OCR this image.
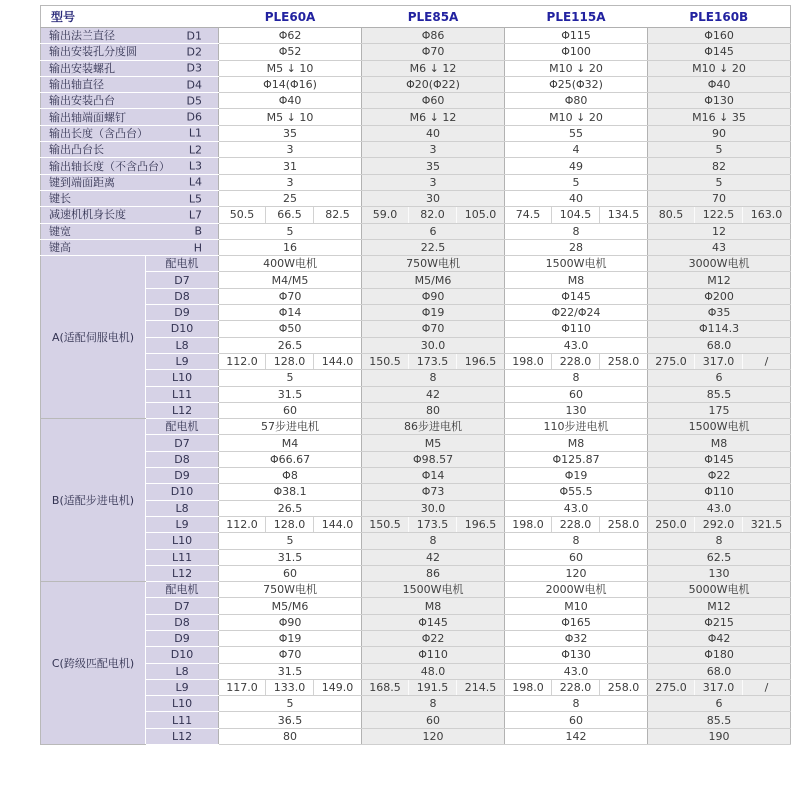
型号		PLE60A			PLE85A			PLE115A			PLE160B		
输出法兰直径 D1		Φ62			Φ86			Φ115			Φ160		
输出安装孔分度圆 D2		Φ52			Φ70			Φ100			Φ145		
输出安装螺孔 D3		M5 ↓ 10			M6 ↓ 12			M10 ↓ 20			M10 ↓ 20		
输出轴直径 D4		Φ14(Φ16)			Φ20(Φ22)			Φ25(Φ32)			Φ40		
输出安装凸台 D5		Φ40			Φ60			Φ80			Φ130		
输出轴端面螺钉 D6		M5 ↓ 10			M6 ↓ 12			M10 ↓ 20			M16 ↓ 35		
输出长度（含凸台） L1		35			40			55			90		
输出凸台长 L2		3			3			4			5		
输出轴长度（不含凸台） L3		31			35			49			82		
键到端面距离 L4		3			3			5			5		
键长 L5		25			30			40			70		
减速机机身长度 L7		50.5	66.5	82.5	59.0	82.0	105.0	74.5	104.5	134.5	80.5	122.5	163.0
键宽 B		5			6			8			12		
键高 H		16			22.5			28			43		
A(适配伺服电机)	配电机	400W电机			750W电机			1500W电机			3000W电机		
	D7	M4/M5			M5/M6			M8			M12		
	D8	Φ70			Φ90			Φ145			Φ200		
	D9	Φ14			Φ19			Φ22/Φ24			Φ35		
	D10	Φ50			Φ70			Φ110			Φ114.3		
	L8	26.5			30.0			43.0			68.0		
	L9	112.0	128.0	144.0	150.5	173.5	196.5	198.0	228.0	258.0	275.0	317.0	/
	L10	5			8			8			6		
	L11	31.5			42			60			85.5		
	L12	60			80			130			175		
B(适配步进电机)	配电机	57步进电机			86步进电机			110步进电机			1500W电机		
	D7	M4			M5			M8			M8		
	D8	Φ66.67			Φ98.57			Φ125.87			Φ145		
	D9	Φ8			Φ14			Φ19			Φ22		
	D10	Φ38.1			Φ73			Φ55.5			Φ110		
	L8	26.5			30.0			43.0			43.0		
	L9	112.0	128.0	144.0	150.5	173.5	196.5	198.0	228.0	258.0	250.0	292.0	321.5
	L10	5			8			8			8		
	L11	31.5			42			60			62.5		
	L12	60			86			120			130		
C(跨级匹配电机)	配电机	750W电机			1500W电机			2000W电机			5000W电机		
	D7	M5/M6			M8			M10			M12		
	D8	Φ90			Φ145			Φ165			Φ215		
	D9	Φ19			Φ22			Φ32			Φ42		
	D10	Φ70			Φ110			Φ130			Φ180		
	L8	31.5			48.0			43.0			68.0		
	L9	117.0	133.0	149.0	168.5	191.5	214.5	198.0	228.0	258.0	275.0	317.0	/
	L10	5			8			8			6		
	L11	36.5			60			60			85.5		
	L12	80			120			142			190		
